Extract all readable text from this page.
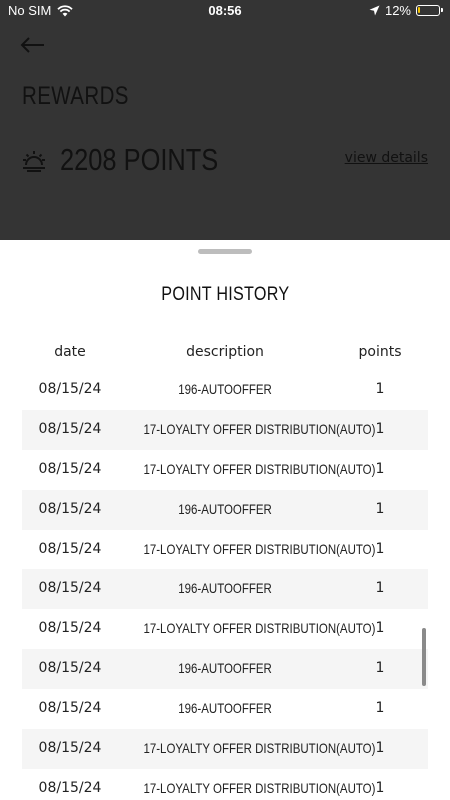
No SIM	08:56	12%
REWARDS
2208 POINTS	view details
POINT HISTORY
date	description	points
08/15/24	196-AUTOOFFER	1
08/15/24	17-LOYALTY OFFER DISTRIBUTION(AUTO) 1
08/15/24	17-LOYALTY OFFER DISTRIBUTION(AUTO) 1
08/15/24	196-AUTOOFFER	1
08/15/24	17-LOYALTY OFFER DISTRIBUTION(AUTO) 1
08/15/24	196-AUTOOFFER	1
08/15/24	17-LOYALTY OFFER DISTRIBUTION(AUTO) 1
08/15/24	196-AUTOOFFER	1
08/15/24	196-AUTOOFFER	1
08/15/24	17-LOYALTY OFFER DISTRIBUTION(AUTO) 1
08/15/24	17-LOYALTY OFFER DISTRIBUTION(AUTO) 1
